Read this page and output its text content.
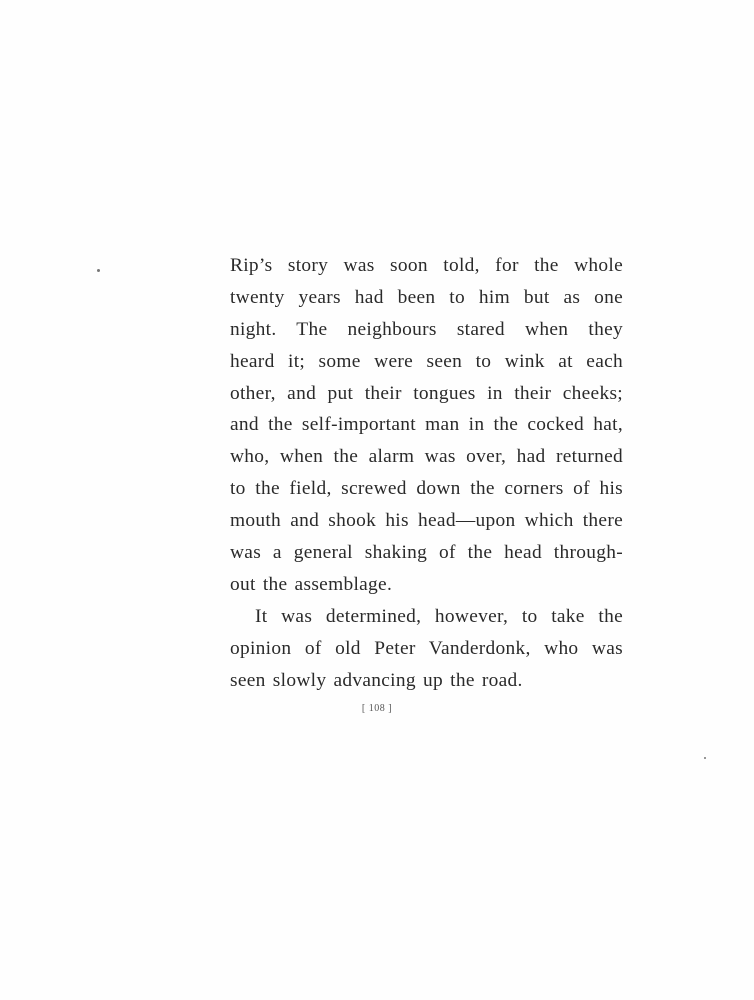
Rip’s story was soon told, for the whole
twenty years had been to him but as one
night. The neighbours stared when they
heard it; some were seen to wink at each
other, and put their tongues in their cheeks;
and the self-important man in the cocked hat,
who, when the alarm was over, had returned
to the field, screwed down the corners of his
mouth and shook his head—upon which there
was a general shaking of the head through-
out the assemblage.
It was determined, however, to take the
opinion of old Peter Vanderdonk, who was
seen slowly advancing up the road.
[ 108 ]
